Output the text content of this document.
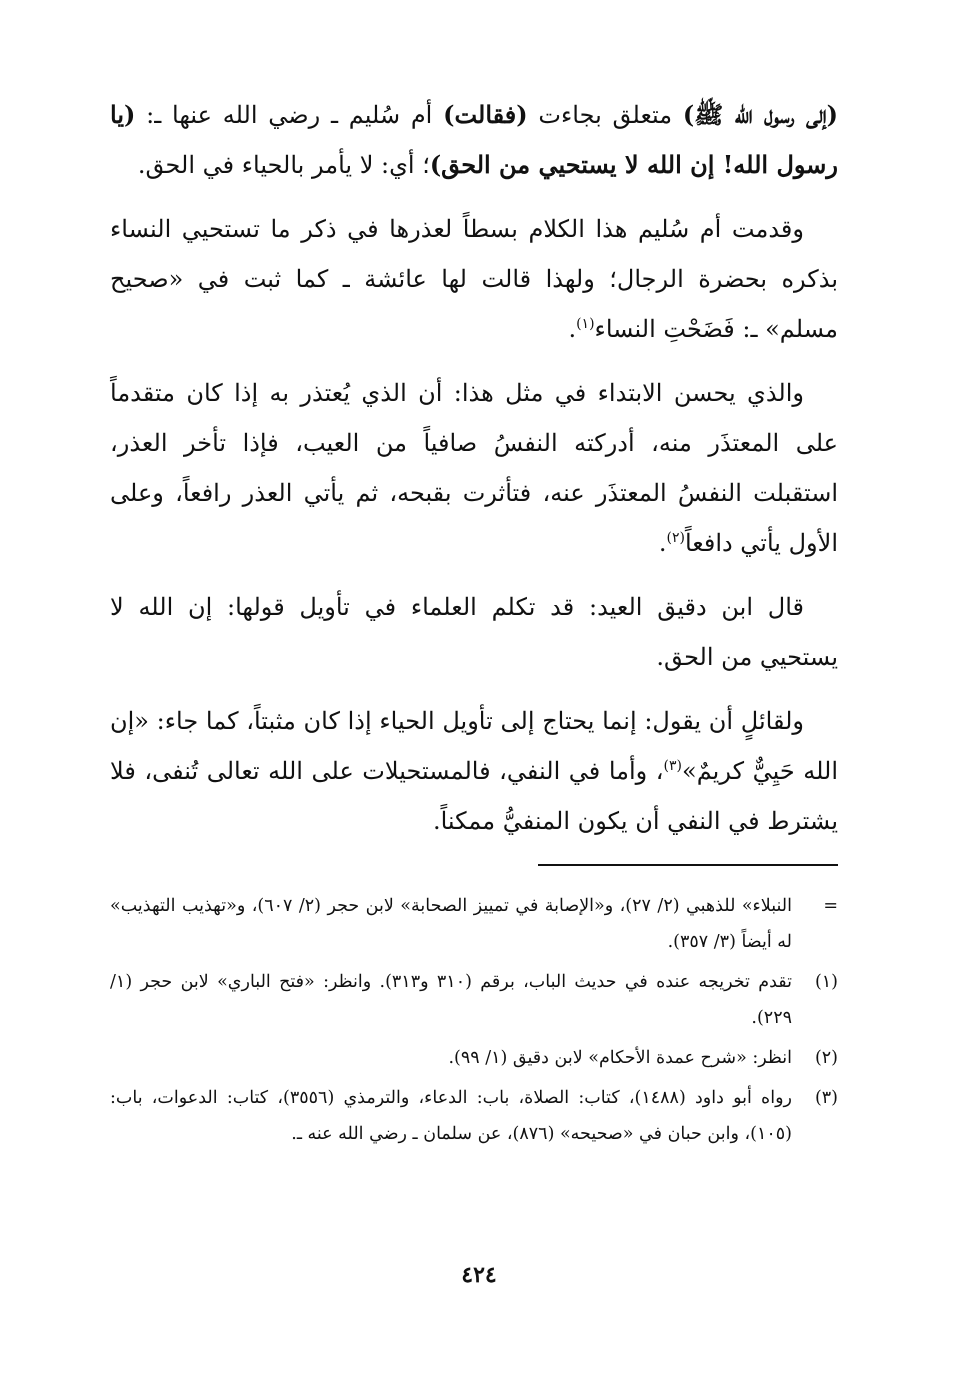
(إلى رسول الله ﷺ) متعلق بجاءت (فقالت) أم سُليم ـ رضي الله عنها ـ: (يا رسول الله! إن الله لا يستحيي من الحق)؛ أي: لا يأمر بالحياء في الحق.

وقدمت أم سُليم هذا الكلام بسطاً لعذرها في ذكر ما تستحيي النساء بذكره بحضرة الرجال؛ ولهذا قالت لها عائشة ـ كما ثبت في «صحيح مسلم» ـ: فَضَحْتِ النساء$^{(١)}$.

والذي يحسن الابتداء في مثل هذا: أن الذي يُعتذر به إذا كان متقدماً على المعتذَر منه، أدركته النفسُ صافياً من العيب، فإذا تأخر العذر، استقبلت النفسُ المعتذَر عنه، فتأثرت بقبحه، ثم يأتي العذر رافعاً، وعلى الأول يأتي دافعاً$^{(٢)}$.

قال ابن دقيق العيد: قد تكلم العلماء في تأويل قولها: إن الله لا يستحيي من الحق.

ولقائلٍ أن يقول: إنما يحتاج إلى تأويل الحياء إذا كان مثبتاً، كما جاء: «إن الله حَيِيٌّ كريمٌ»$^{(٣)}$، وأما في النفي، فالمستحيلات على الله تعالى تُنفى، فلا يشترط في النفي أن يكون المنفيُّ ممكناً.

=
النبلاء» للذهبي (٢/ ٢٧)، و«الإصابة في تمييز الصحابة» لابن حجر (٢/ ٦٠٧)، و«تهذيب التهذيب» له أيضاً (٣/ ٣٥٧).
(١)
تقدم تخريجه عنده في حديث الباب، برقم (٣١٠ و٣١٣). وانظر: «فتح الباري» لابن حجر (١/ ٢٢٩).
(٢)
انظر: «شرح عمدة الأحكام» لابن دقيق (١/ ٩٩).
(٣)
رواه أبو داود (١٤٨٨)، كتاب: الصلاة، باب: الدعاء، والترمذي (٣٥٥٦)، كتاب: الدعوات، باب: (١٠٥)، وابن حبان في «صحيحه» (٨٧٦)، عن سلمان ـ رضي الله عنه ـ.
٤٢٤
